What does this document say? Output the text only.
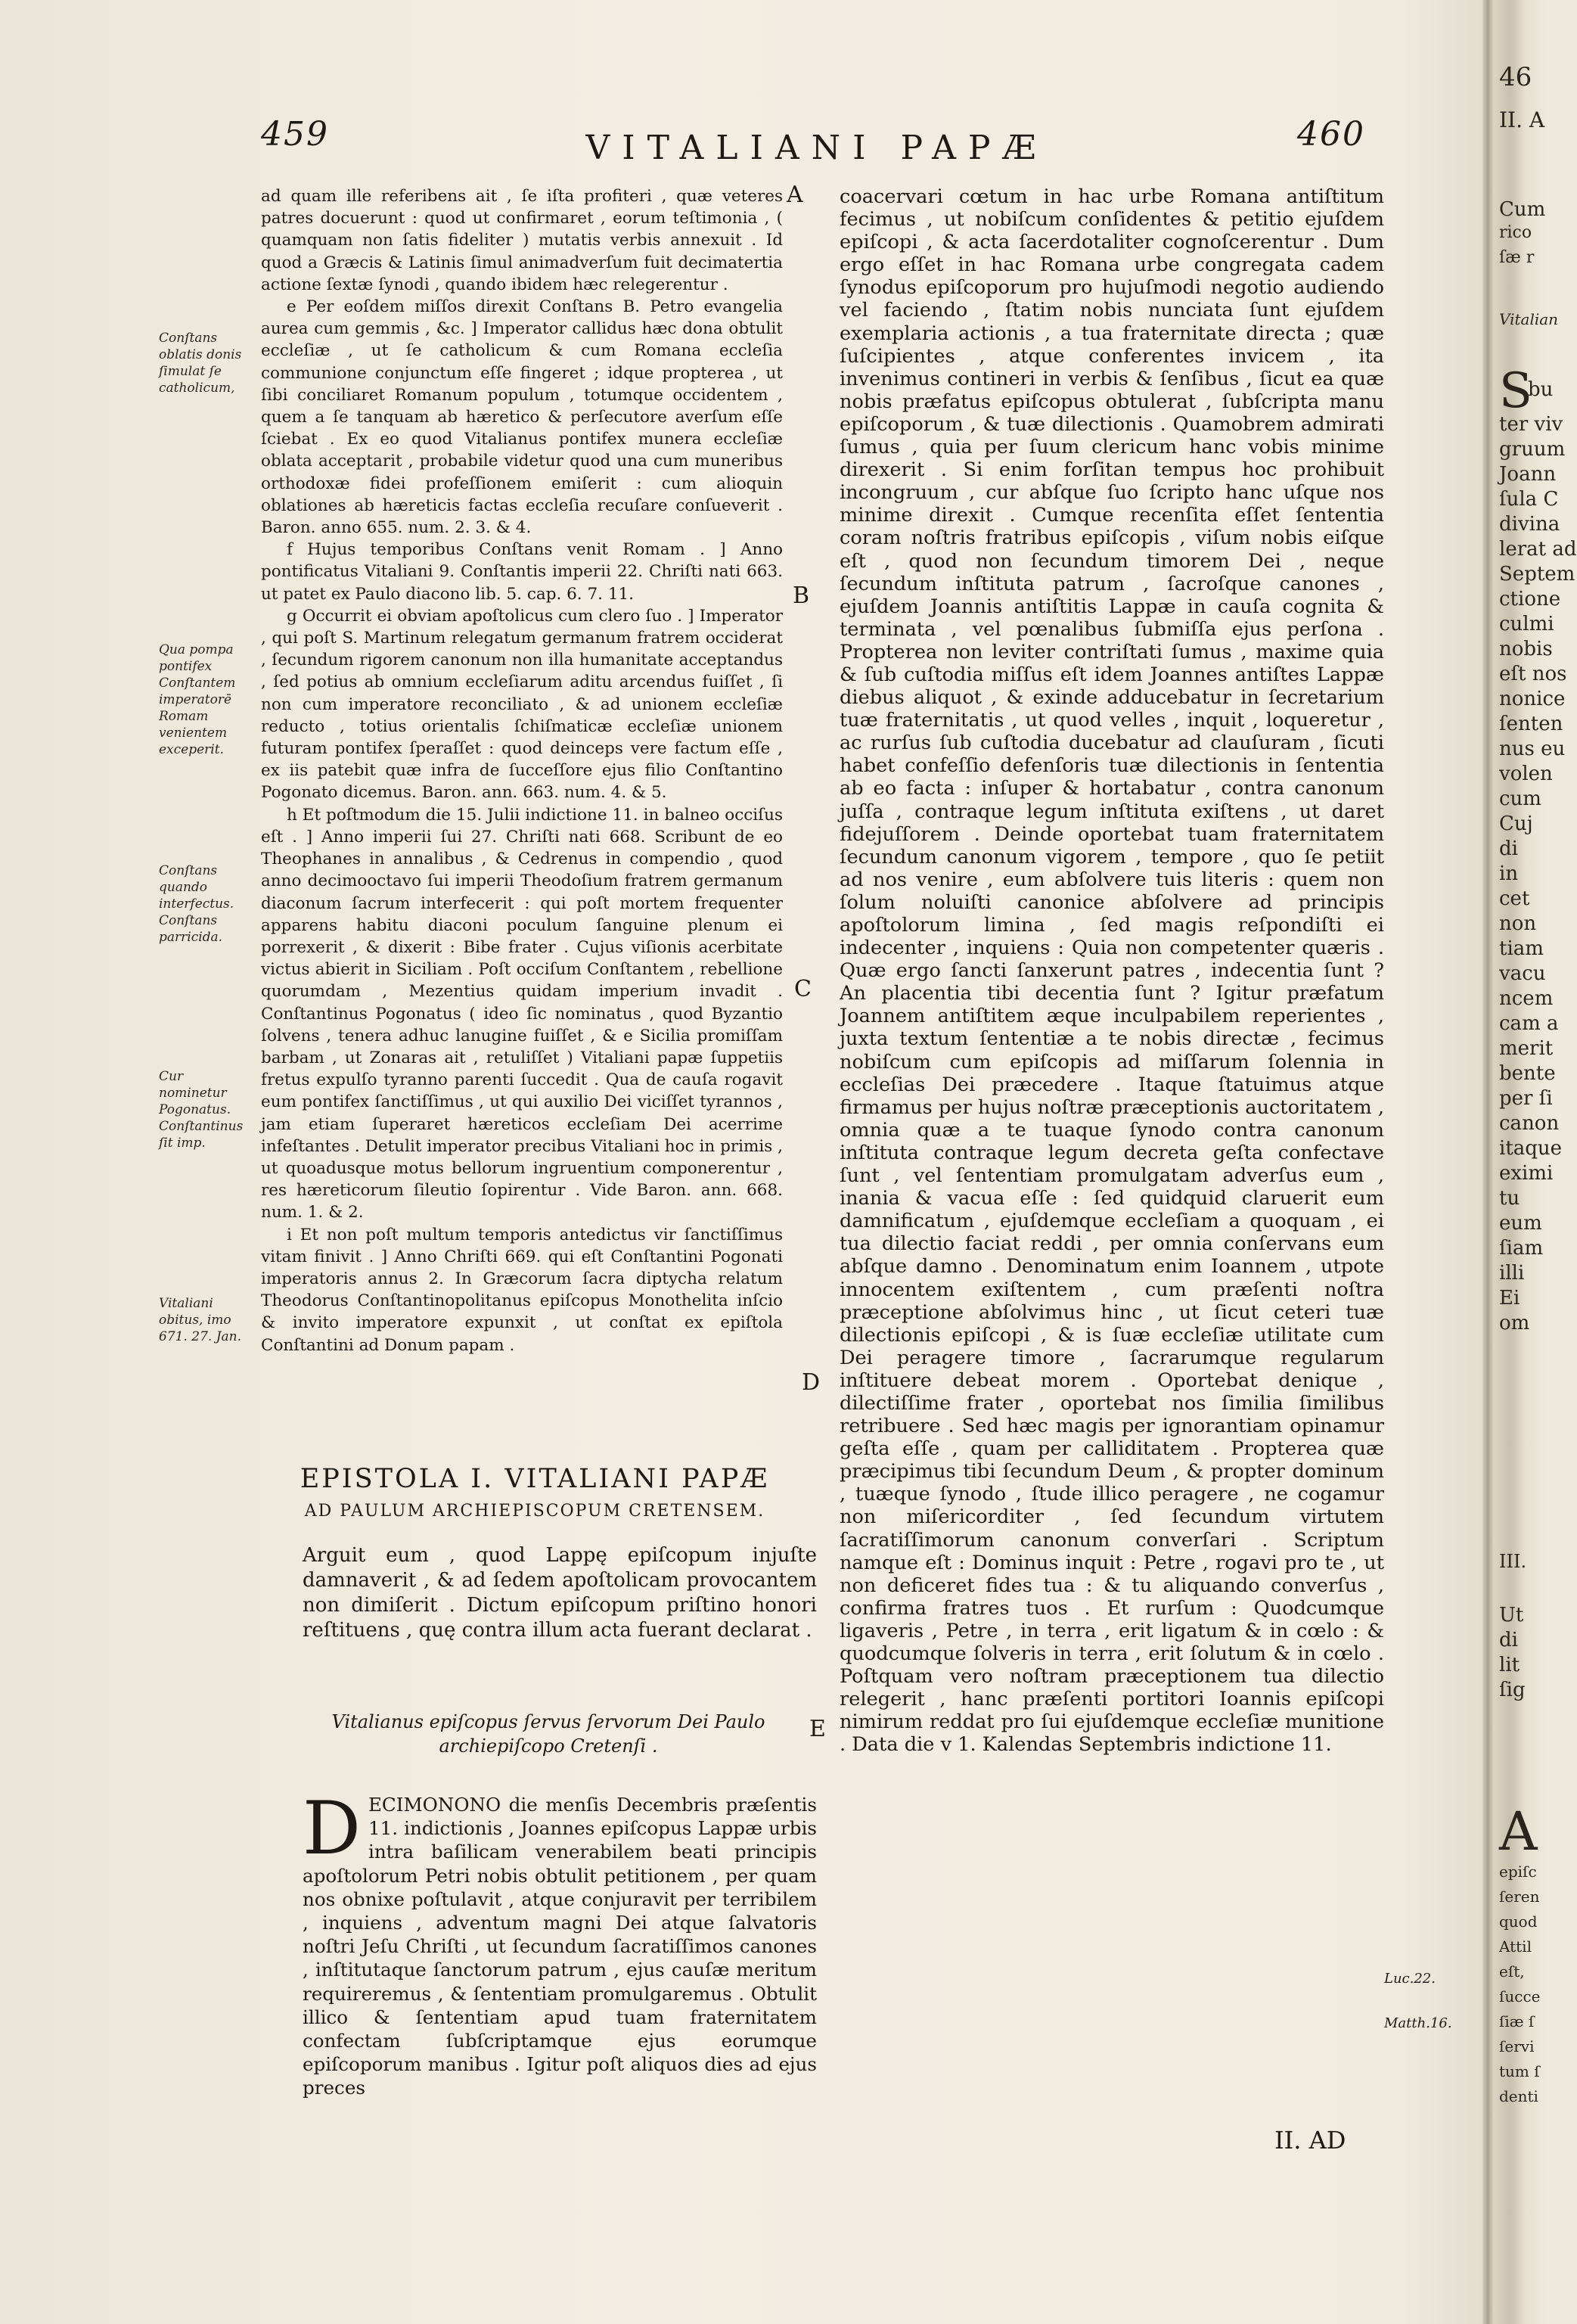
459	VITALIANI PAPÆ	460
ad quam ille referibens ait , ſe iſta profiteri , quæ veteres patres docuerunt : quod ut confirmaret , eorum teſtimonia , ( quamquam non ſatis fideliter ) mutatis verbis annexuit . Id quod a Græcis & Latinis ſimul animadverſum fuit decimatertia actione ſextæ ſynodi , quando ibidem hæc relegerentur .
e Per eoſdem miſſos direxit Conſtans B. Petro evangelia aurea cum gemmis , &c. ] Imperator callidus hæc dona obtulit eccleſiæ , ut ſe catholicum & cum Romana eccleſia communione conjunctum eſſe fingeret ; idque propterea , ut ſibi conciliaret Romanum populum , totumque occidentem , quem a ſe tanquam ab hæretico & perſecutore averſum eſſe ſciebat . Ex eo quod Vitalianus pontifex munera eccleſiæ oblata acceptarit , probabile videtur quod una cum muneribus orthodoxæ fidei profeſſionem emiſerit : cum alioquin oblationes ab hæreticis factas eccleſia recuſare conſueverit . Baron. anno 655. num. 2. 3. & 4.
f Hujus temporibus Conſtans venit Romam . ] Anno pontificatus Vitaliani 9. Conſtantis imperii 22. Chriſti nati 663. ut patet ex Paulo diacono lib. 5. cap. 6. 7. 11.
g Occurrit ei obviam apoſtolicus cum clero ſuo . ] Imperator , qui poſt S. Martinum relegatum germanum fratrem occiderat , ſecundum rigorem canonum non illa humanitate acceptandus , ſed potius ab omnium eccleſiarum aditu arcendus fuiſſet , ſi non cum imperatore reconciliato , & ad unionem eccleſiæ reducto , totius orientalis ſchiſmaticæ eccleſiæ unionem futuram pontifex ſperaſſet : quod deinceps vere factum eſſe , ex iis patebit quæ infra de ſucceſſore ejus filio Conſtantino Pogonato dicemus. Baron. ann. 663. num. 4. & 5.
h Et poſtmodum die 15. Julii indictione 11. in balneo occiſus eſt . ] Anno imperii ſui 27. Chriſti nati 668. Scribunt de eo Theophanes in annalibus , & Cedrenus in compendio , quod anno decimooctavo ſui imperii Theodoſium fratrem germanum diaconum ſacrum interfecerit : qui poſt mortem frequenter apparens habitu diaconi poculum ſanguine plenum ei porrexerit , & dixerit : Bibe frater . Cujus viſionis acerbitate victus abierit in Siciliam . Poſt occiſum Conſtantem , rebellione quorumdam , Mezentius quidam imperium invadit . Conſtantinus Pogonatus ( ideo ſic nominatus , quod Byzantio ſolvens , tenera adhuc lanugine fuiſſet , & e Sicilia promiſſam barbam , ut Zonaras ait , retuliſſet ) Vitaliani papæ ſuppetiis fretus expulſo tyranno parenti ſuccedit . Qua de cauſa rogavit eum pontifex ſanctiſſimus , ut qui auxilio Dei viciſſet tyrannos , jam etiam ſuperaret hæreticos eccleſiam Dei acerrime infeſtantes . Detulit imperator precibus Vitaliani hoc in primis , ut quoadusque motus bellorum ingruentium componerentur , res hæreticorum ſileutio ſopirentur . Vide Baron. ann. 668. num. 1. & 2.
i Et non poſt multum temporis antedictus vir ſanctiſſimus vitam finivit . ] Anno Chriſti 669. qui eſt Conſtantini Pogonati imperatoris annus 2. In Græcorum ſacra diptycha relatum Theodorus Conſtantinopolitanus epiſcopus Monothelita inſcio & invito imperatore expunxit , ut conſtat ex epiſtola Conſtantini ad Donum papam .
Conſtans oblatis donis ſimulat ſe catholicum,
Qua pompa pontifex Conſtantem imperatorē Romam venientem exceperit.
Conſtans quando interfectus. Conſtans parricida.
Cur nominetur Pogonatus. Conſtantinus ſit imp.
Vitaliani obitus, imo 671. 27. Jan.
A
B
C
D
E
EPISTOLA I. VITALIANI PAPÆ
AD PAULUM ARCHIEPISCOPUM CRETENSEM.
Arguit eum , quod Lappę epiſcopum injuſte damnaverit , & ad ſedem apoſtolicam provocantem non dimiſerit . Dictum epiſcopum priſtino honori reſtituens , quę contra illum acta fuerant declarat .
Vitalianus epiſcopus ſervus ſervorum Dei Paulo archiepiſcopo Cretenſi .
DECIMONONO die menſis Decembris præſentis 11. indictionis , Joannes epiſcopus Lappæ urbis intra baſilicam venerabilem beati principis apoſtolorum Petri nobis obtulit petitionem , per quam nos obnixe poſtulavit , atque conjuravit per terribilem , inquiens , adventum magni Dei atque ſalvatoris noſtri Jeſu Chriſti , ut ſecundum ſacratiſſimos canones , inſtitutaque ſanctorum patrum , ejus cauſæ meritum requireremus , & ſententiam promulgaremus . Obtulit illico & ſententiam apud tuam fraternitatem confectam ſubſcriptamque ejus eorumque epiſcoporum manibus . Igitur poſt aliquos dies ad ejus preces

coacervari cœtum in hac urbe Romana antiſtitum fecimus , ut nobiſcum conſidentes & petitio ejuſdem epiſcopi , & acta ſacerdotaliter cognoſcerentur . Dum ergo eſſet in hac Romana urbe congregata cadem ſynodus epiſcoporum pro hujuſmodi negotio audiendo vel faciendo , ſtatim nobis nunciata ſunt ejuſdem exemplaria actionis , a tua fraternitate directa ; quæ ſuſcipientes , atque conferentes invicem , ita invenimus contineri in verbis & ſenſibus , ſicut ea quæ nobis præfatus epiſcopus obtulerat , ſubſcripta manu epiſcoporum , & tuæ dilectionis . Quamobrem admirati ſumus , quia per ſuum clericum hanc vobis minime direxerit . Si enim forſitan tempus hoc prohibuit incongruum , cur abſque ſuo ſcripto hanc uſque nos minime direxit . Cumque recenſita eſſet ſententia coram noſtris fratribus epiſcopis , viſum nobis eiſque eſt , quod non ſecundum timorem Dei , neque ſecundum inſtituta patrum , ſacroſque canones , ejuſdem Joannis antiſtitis Lappæ in cauſa cognita & terminata , vel pœnalibus ſubmiſſa ejus perſona . Propterea non leviter contriſtati ſumus , maxime quia & ſub cuſtodia miſſus eſt idem Joannes antiſtes Lappæ diebus aliquot , & exinde adducebatur in ſecretarium tuæ fraternitatis , ut quod velles , inquit , loqueretur , ac rurſus ſub cuſtodia ducebatur ad clauſuram , ſicuti habet confeſſio defenſoris tuæ dilectionis in ſententia ab eo facta : inſuper & hortabatur , contra canonum juſſa , contraque legum inſtituta exiſtens , ut daret fidejuſſorem . Deinde oportebat tuam fraternitatem ſecundum canonum vigorem , tempore , quo ſe petiit ad nos venire , eum abſolvere tuis literis : quem non ſolum noluiſti canonice abſolvere ad principis apoſtolorum limina , ſed magis reſpondiſti ei indecenter , inquiens : Quia non competenter quæris . Quæ ergo ſancti ſanxerunt patres , indecentia ſunt ? An placentia tibi decentia ſunt ? Igitur præfatum Joannem antiſtitem æque inculpabilem reperientes , juxta textum ſententiæ a te nobis directæ , fecimus nobiſcum cum epiſcopis ad miſſarum ſolennia in eccleſias Dei præcedere . Itaque ſtatuimus atque firmamus per hujus noſtræ præceptionis auctoritatem , omnia quæ a te tuaque ſynodo contra canonum inſtituta contraque legum decreta geſta confectave ſunt , vel ſententiam promulgatam adverſus eum , inania & vacua eſſe : ſed quidquid claruerit eum damnificatum , ejuſdemque eccleſiam a quoquam , ei tua dilectio faciat reddi , per omnia conſervans eum abſque damno . Denominatum enim Ioannem , utpote innocentem exiſtentem , cum præſenti noſtra præceptione abſolvimus hinc , ut ſicut ceteri tuæ dilectionis epiſcopi , & is ſuæ eccleſiæ utilitate cum Dei peragere timore , ſacrarumque regularum inſtituere debeat morem . Oportebat denique , dilectiſſime frater , oportebat nos ſimilia ſimilibus retribuere . Sed hæc magis per ignorantiam opinamur geſta eſſe , quam per calliditatem . Propterea quæ præcipimus tibi ſecundum Deum , & propter dominum , tuæque ſynodo , ſtude illico peragere , ne cogamur non miſericorditer , ſed ſecundum virtutem ſacratiſſimorum canonum converſari . Scriptum namque eſt : Dominus inquit : Petre , rogavi pro te , ut non deficeret fides tua : & tu aliquando converſus , confirma fratres tuos . Et rurſum : Quodcumque ligaveris , Petre , in terra , erit ligatum & in cœlo : & quodcumque ſolveris in terra , erit ſolutum & in cœlo . Poſtquam vero noſtram præceptionem tua dilectio relegerit , hanc præſenti portitori Ioannis epiſcopi nimirum reddat pro ſui ejuſdemque eccleſiæ munitione . Data die v 1. Kalendas Septembris indictione 11.

Luc.22.
Matth.16.
II. AD
46
II. A
Cum
rico
ſæ r
Vitalian
S
bu
ter viv
gruum
Joann
ſula C
divina
lerat ad
Septem
ctione
culmi
nobis
eſt nos
nonice
ſenten
nus eu
volen
cum
Cuj
di
in
cet
non
tiam
vacu
ncem
cam a
merit
bente
per ſi
canon
itaque
eximi
tu
eum
ſiam
illi
Ei
om
III.
Ut
di
lit
ſig
A
epiſc
ſeren
quod
Attil
eſt,
ſucce
ſiæ ſ
ſervi
tum ſ
denti
